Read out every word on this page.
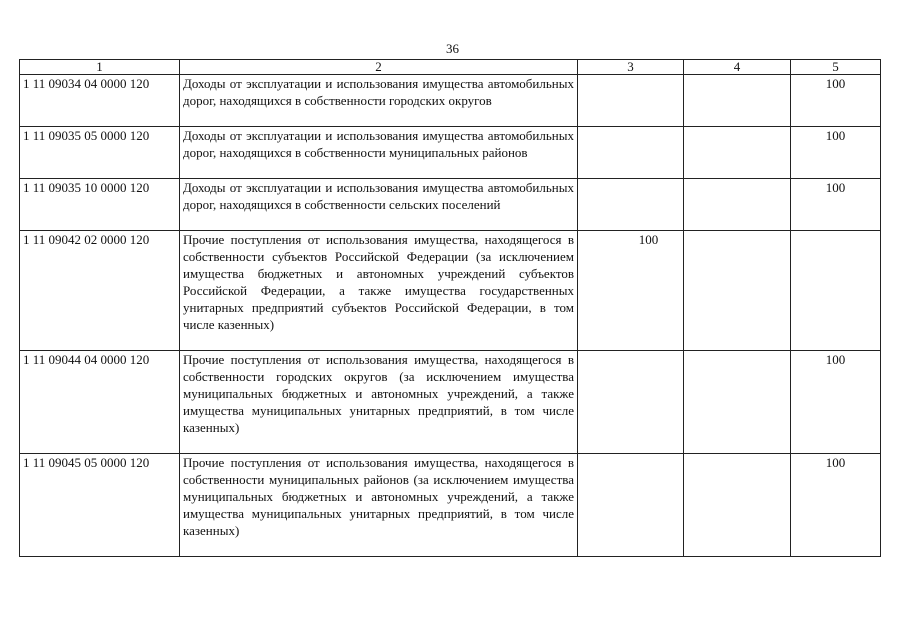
36
1	2	3	4	5
1 11 09034 04 0000 120	Доходы от эксплуатации и использования имущества автомобильных дорог, находящихся в собственности городских округов			100
1 11 09035 05 0000 120	Доходы от эксплуатации и использования имущества автомобильных дорог, находящихся в собственности муниципальных районов			100
1 11 09035 10 0000 120	Доходы от эксплуатации и использования имущества автомобильных дорог, находящихся в собственности сельских поселений			100
1 11 09042 02 0000 120	Прочие поступления от использования имущества, находящегося в собственности субъектов Российской Федерации (за исключением имущества бюджетных и автономных учреждений субъектов Российской Федерации, а также имущества государственных унитарных предприятий субъектов Российской Федерации, в том числе казенных)	100		
1 11 09044 04 0000 120	Прочие поступления от использования имущества, находящегося в собственности городских округов (за исключением имущества муниципальных бюджетных и автономных учреждений, а также имущества муниципальных унитарных предприятий, в том числе казенных)			100
1 11 09045 05 0000 120	Прочие поступления от использования имущества, находящегося в собственности муниципальных районов (за исключением имущества муниципальных бюджетных и автономных учреждений, а также имущества муниципальных унитарных предприятий, в том числе казенных)			100
